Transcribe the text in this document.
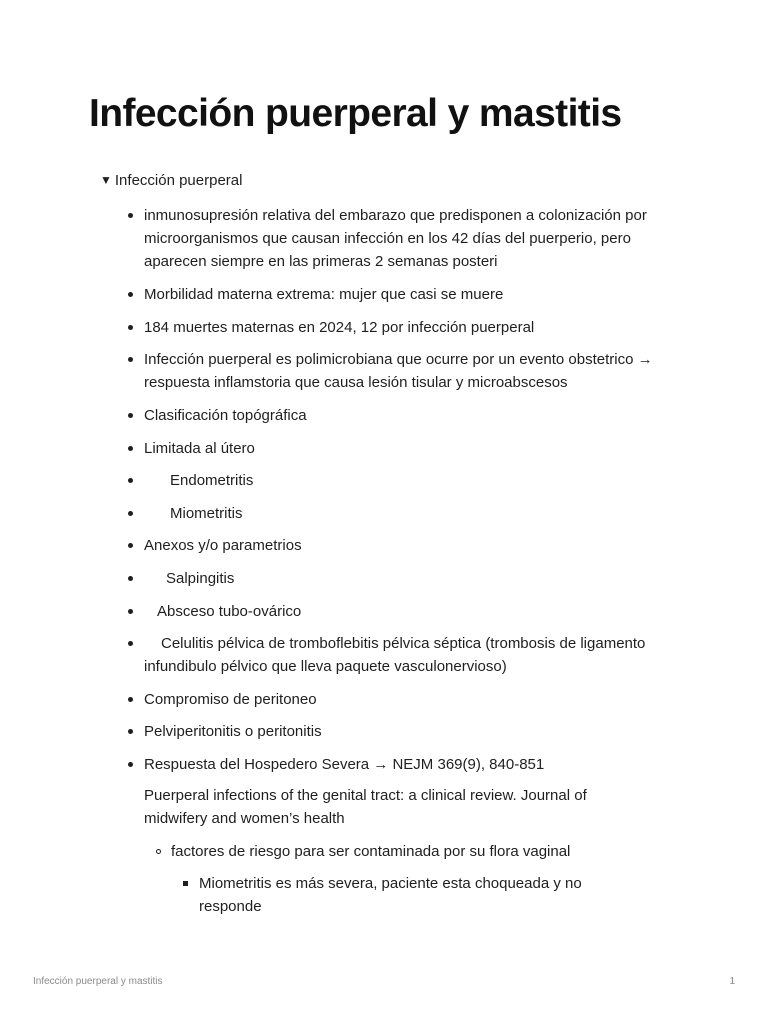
Infección puerperal y mastitis
▼ Infección puerperal

inmunosupresión relativa del embarazo que predisponen a colonización por microorganismos que causan infección en los 42 días del puerperio, pero aparecen siempre en las primeras 2 semanas posteri

Morbilidad materna extrema: mujer que casi se muere

184 muertes maternas en 2024, 12 por infección puerperal

Infección puerperal es polimicrobiana que ocurre por un evento obstetrico → respuesta inflamstoria que causa lesión tisular y microabscesos

Clasificación topógráfica

Limitada al útero

Endometritis

Miometritis

Anexos y/o parametrios

Salpingitis

Absceso tubo-ovárico

Celulitis pélvica de tromboflebitis pélvica séptica (trombosis de ligamento infundibulo pélvico que lleva paquete vasculonervioso)

Compromiso de peritoneo

Pelviperitonitis o peritonitis

Respuesta del Hospedero Severa → NEJM 369(9), 840-851

Puerperal infections of the genital tract: a clinical review. Journal of midwifery and women’s health

factores de riesgo para ser contaminada por su flora vaginal

Miometritis es más severa, paciente esta choqueada y no responde

Infección puerperal y mastitis	1
